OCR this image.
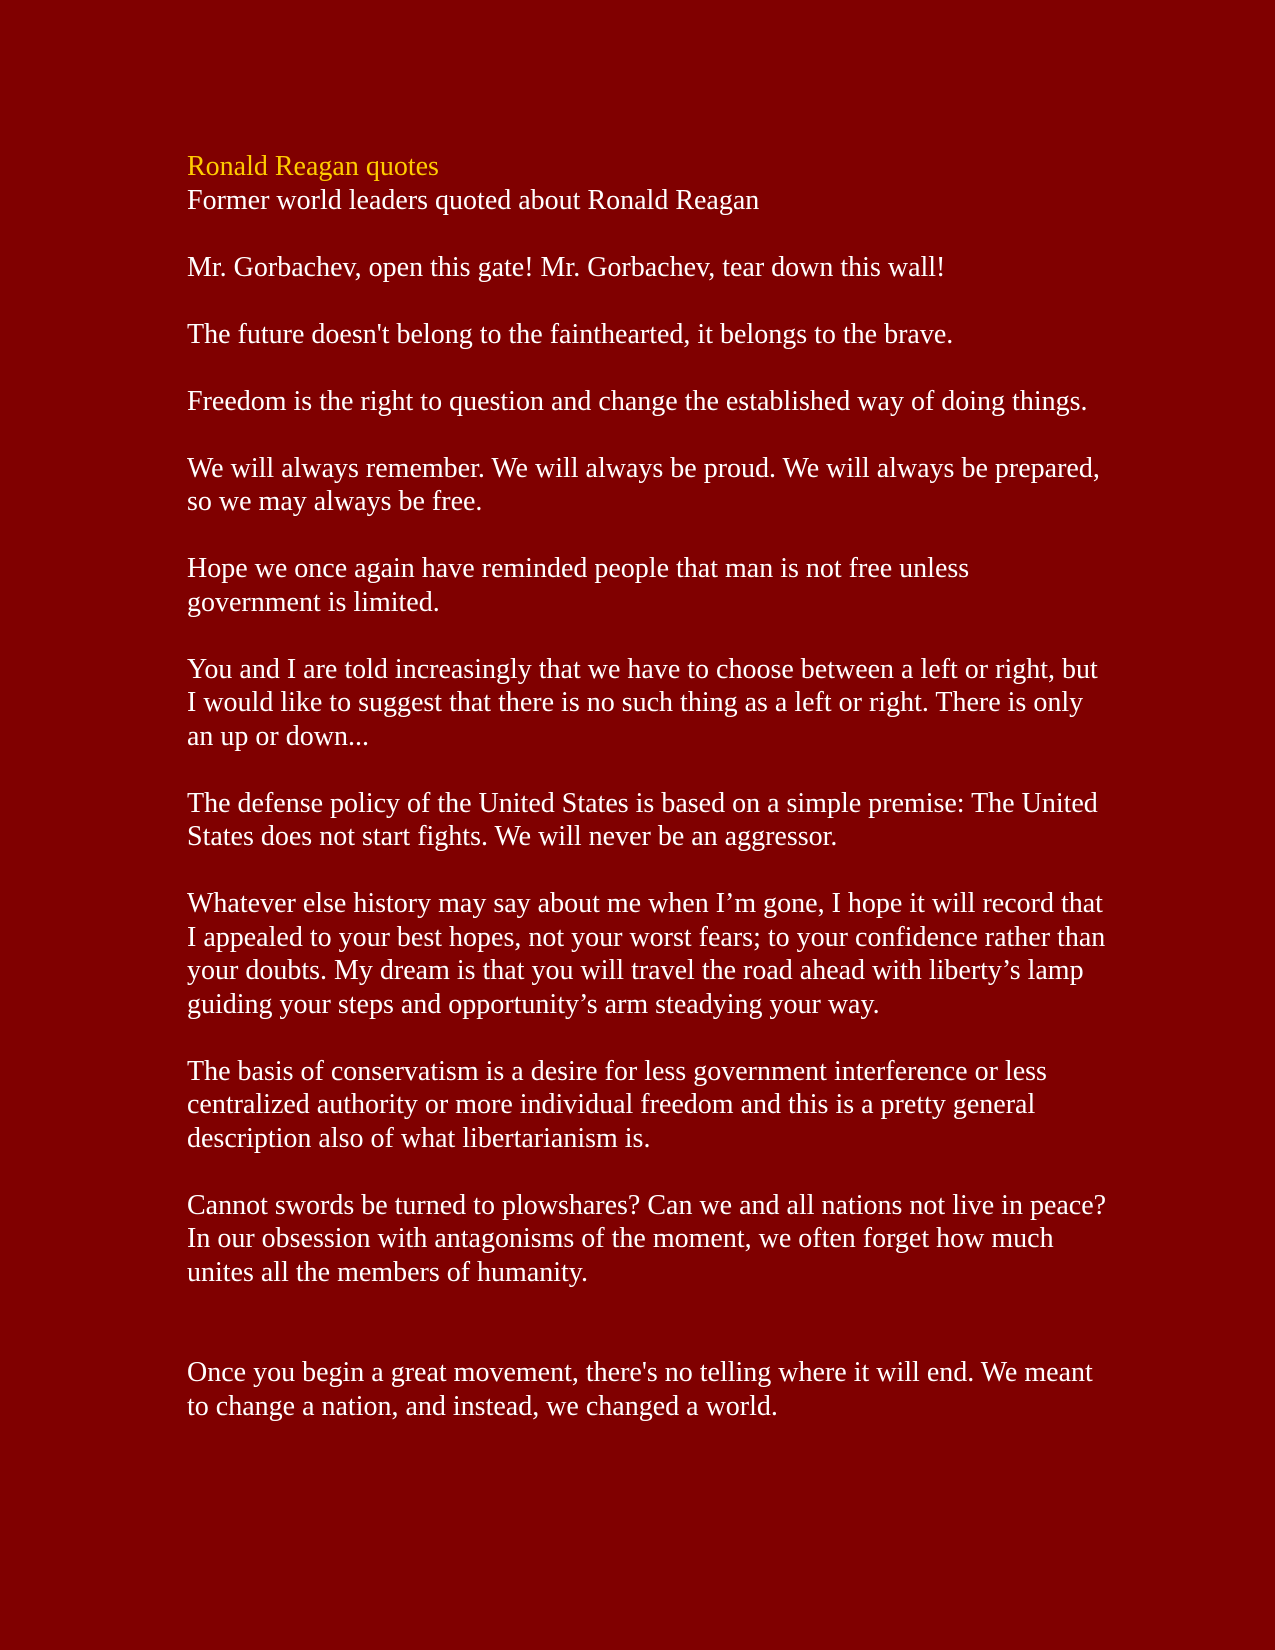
Ronald Reagan quotes
Former world leaders quoted about Ronald Reagan

Mr. Gorbachev, open this gate! Mr. Gorbachev, tear down this wall!

The future doesn't belong to the fainthearted, it belongs to the brave.

Freedom is the right to question and change the established way of doing things.

We will always remember. We will always be proud. We will always be prepared, so we may always be free.

Hope we once again have reminded people that man is not free unless government is limited.

You and I are told increasingly that we have to choose between a left or right, but I would like to suggest that there is no such thing as a left or right. There is only an up or down...

The defense policy of the United States is based on a simple premise: The United States does not start fights. We will never be an aggressor.

Whatever else history may say about me when I’m gone, I hope it will record that I appealed to your best hopes, not your worst fears; to your confidence rather than your doubts. My dream is that you will travel the road ahead with liberty’s lamp guiding your steps and opportunity’s arm steadying your way.

The basis of conservatism is a desire for less government interference or less centralized authority or more individual freedom and this is a pretty general description also of what libertarianism is.

Cannot swords be turned to plowshares? Can we and all nations not live in peace? In our obsession with antagonisms of the moment, we often forget how much unites all the members of humanity.

Once you begin a great movement, there's no telling where it will end. We meant to change a nation, and instead, we changed a world.
